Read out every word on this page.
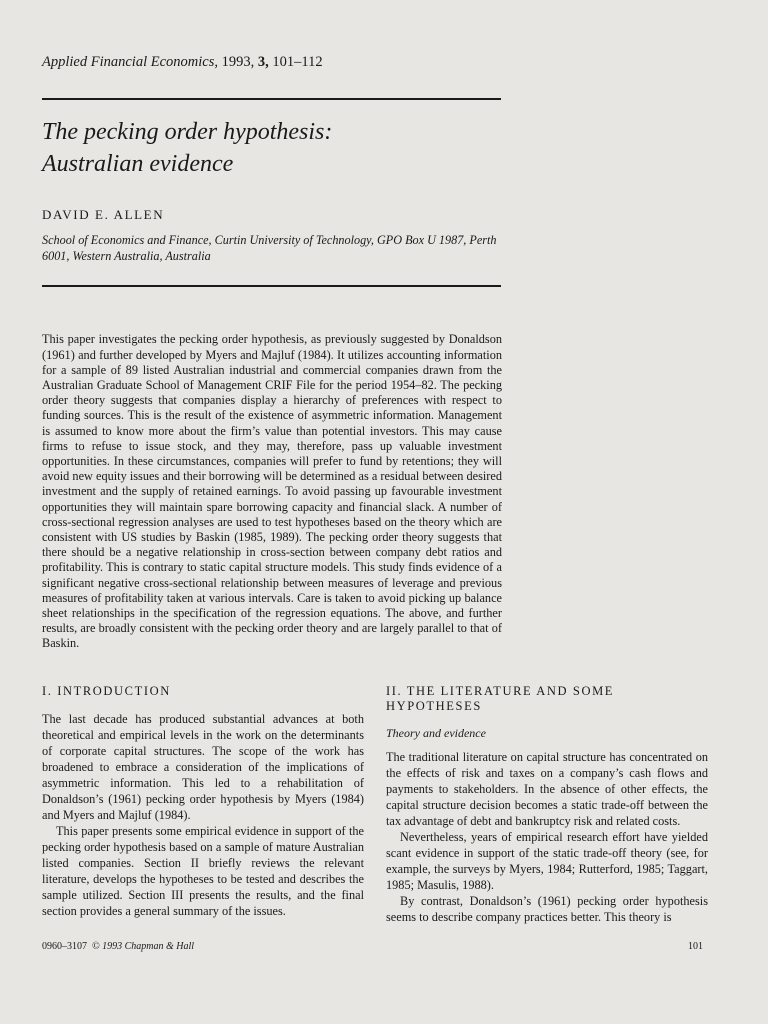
Applied Financial Economics, 1993, 3, 101–112
The pecking order hypothesis:
Australian evidence
DAVID E. ALLEN
School of Economics and Finance, Curtin University of Technology, GPO Box U 1987, Perth 6001, Western Australia, Australia

This paper investigates the pecking order hypothesis, as previously suggested by Donaldson (1961) and further developed by Myers and Majluf (1984). It utilizes accounting information for a sample of 89 listed Australian industrial and commercial companies drawn from the Australian Graduate School of Management CRIF File for the period 1954–82. The pecking order theory suggests that companies display a hierarchy of preferences with respect to funding sources. This is the result of the existence of asymmetric information. Management is assumed to know more about the firm’s value than potential investors. This may cause firms to refuse to issue stock, and they may, therefore, pass up valuable investment opportunities. In these circumstances, companies will prefer to fund by retentions; they will avoid new equity issues and their borrowing will be determined as a residual between desired investment and the supply of retained earnings. To avoid passing up favourable investment opportunities they will maintain spare borrowing capacity and financial slack. A number of cross-sectional regression analyses are used to test hypotheses based on the theory which are consistent with US studies by Baskin (1985, 1989). The pecking order theory suggests that there should be a negative relationship in cross-section between company debt ratios and profitability. This is contrary to static capital structure models. This study finds evidence of a significant negative cross-sectional relationship between measures of leverage and previous measures of profitability taken at various intervals. Care is taken to avoid picking up balance sheet relationships in the specification of the regression equations. The above, and further results, are broadly consistent with the pecking order theory and are largely parallel to that of Baskin.

I. INTRODUCTION

The last decade has produced substantial advances at both theoretical and empirical levels in the work on the determinants of corporate capital structures. The scope of the work has broadened to embrace a consideration of the implications of asymmetric information. This led to a rehabilitation of Donaldson’s (1961) pecking order hypothesis by Myers (1984) and Myers and Majluf (1984).

This paper presents some empirical evidence in support of the pecking order hypothesis based on a sample of mature Australian listed companies. Section II briefly reviews the relevant literature, develops the hypotheses to be tested and describes the sample utilized. Section III presents the results, and the final section provides a general summary of the issues.

II. THE LITERATURE AND SOME
HYPOTHESES
Theory and evidence

The traditional literature on capital structure has concentrated on the effects of risk and taxes on a company’s cash flows and payments to stakeholders. In the absence of other effects, the capital structure decision becomes a static trade-off between the tax advantage of debt and bankruptcy risk and related costs.

Nevertheless, years of empirical research effort have yielded scant evidence in support of the static trade-off theory (see, for example, the surveys by Myers, 1984; Rutterford, 1985; Taggart, 1985; Masulis, 1988).

By contrast, Donaldson’s (1961) pecking order hypothesis seems to describe company practices better. This theory is

0960–3107 © 1993 Chapman & Hall	101
